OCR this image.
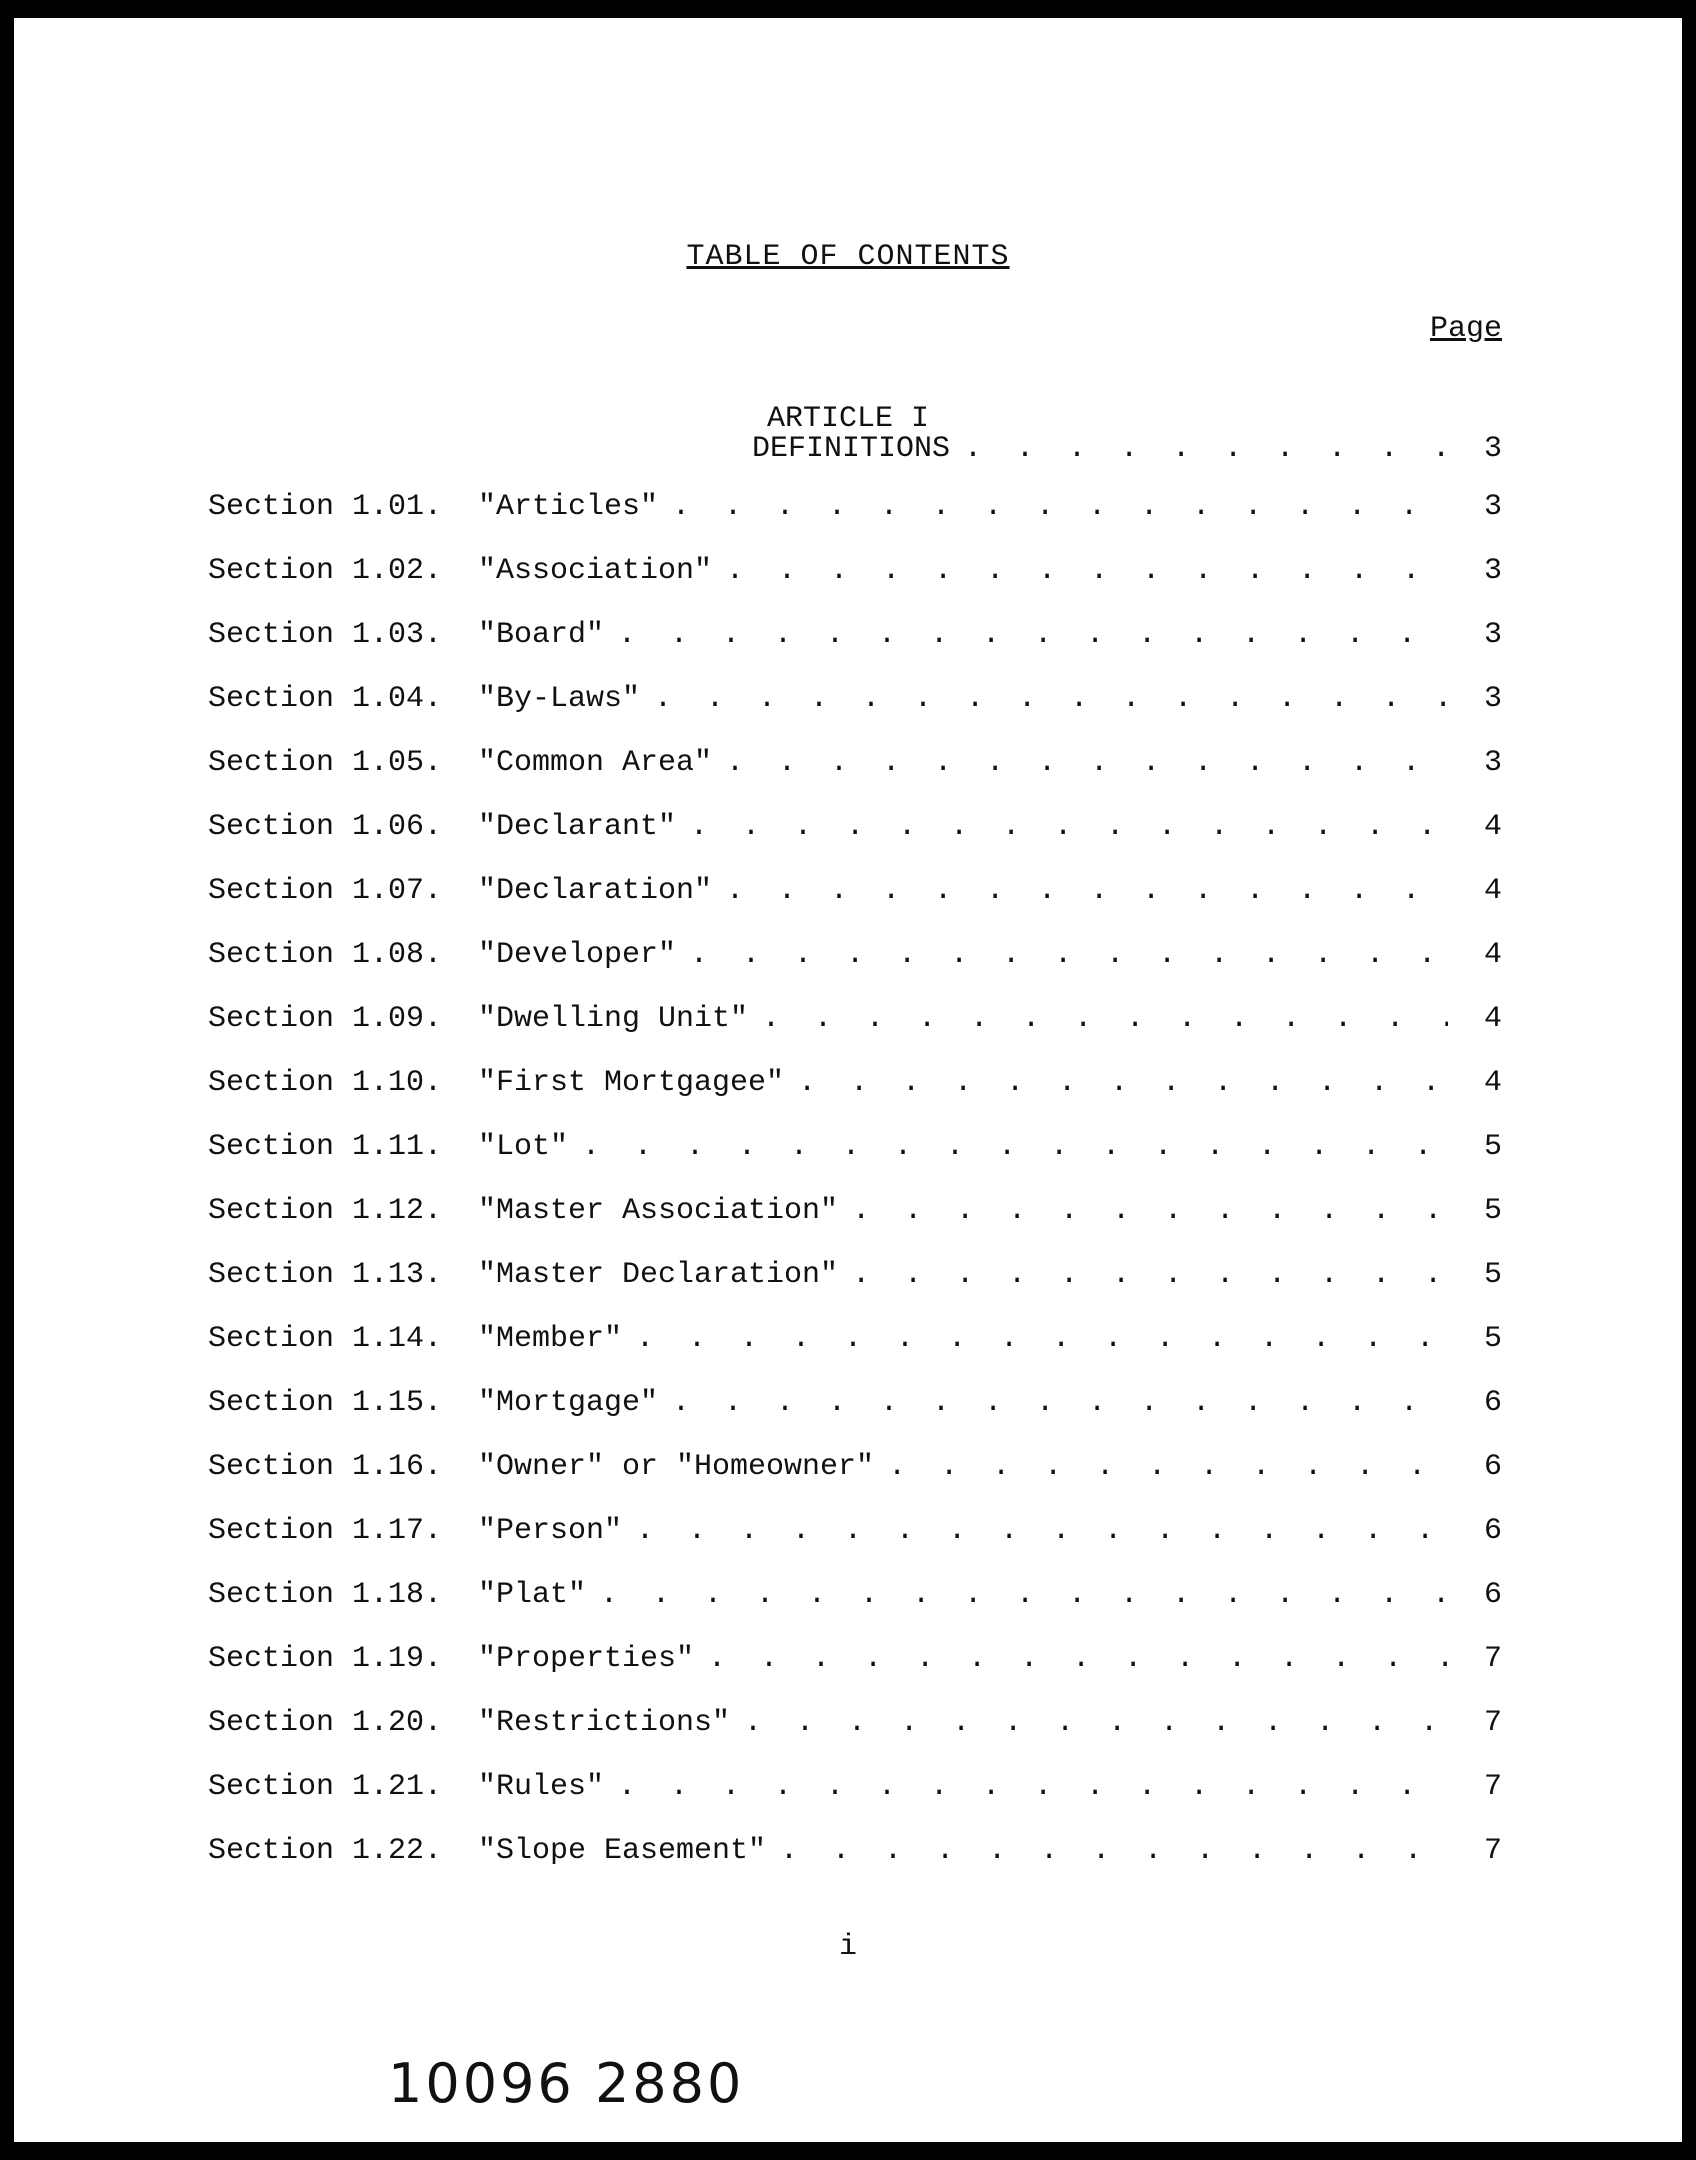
TABLE OF CONTENTS
Page
ARTICLE I
DEFINITIONS . . .	3
Section 1.01.	"Articles" . . .	3
Section 1.02.	"Association" . . .	3
Section 1.03.	"Board" . . .	3
Section 1.04.	"By-Laws" . . .	3
Section 1.05.	"Common Area" . . .	3
Section 1.06.	"Declarant" . . .	4
Section 1.07.	"Declaration" . . .	4
Section 1.08.	"Developer" . . .	4
Section 1.09.	"Dwelling Unit" . . .	4
Section 1.10.	"First Mortgagee" . . .	4
Section 1.11.	"Lot" . . .	5
Section 1.12.	"Master Association" . . .	5
Section 1.13.	"Master Declaration" . . .	5
Section 1.14.	"Member" . . .	5
Section 1.15.	"Mortgage" . . .	6
Section 1.16.	"Owner" or "Homeowner" . . .	6
Section 1.17.	"Person" . . .	6
Section 1.18.	"Plat" . . .	6
Section 1.19.	"Properties" . . .	7
Section 1.20.	"Restrictions" . . .	7
Section 1.21.	"Rules" . . .	7
Section 1.22.	"Slope Easement" . . .	7
i
10096 2880
